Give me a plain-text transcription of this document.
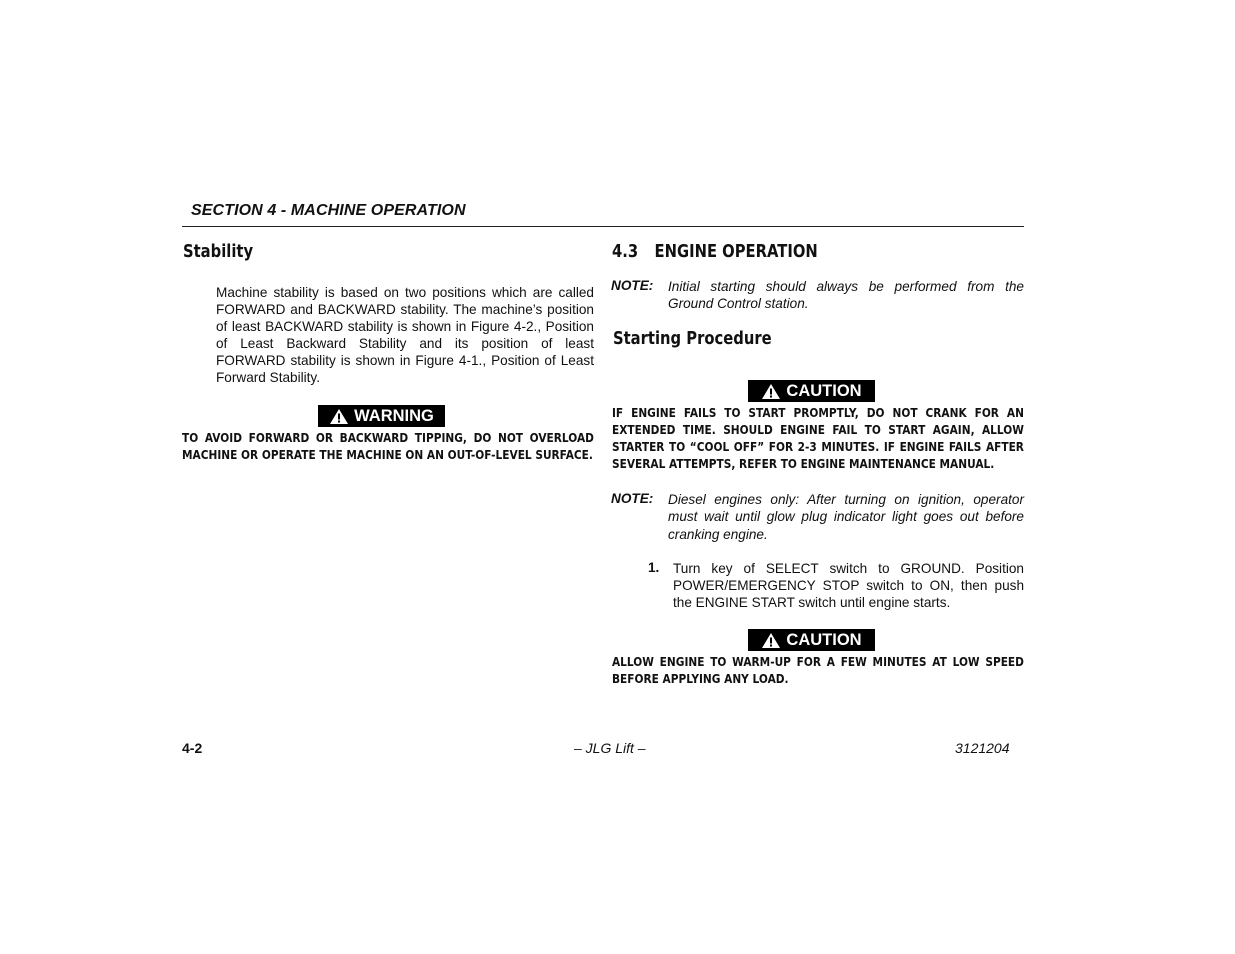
SECTION 4 - MACHINE OPERATION
Stability
Machine stability is based on two positions which are called FORWARD and BACKWARD stability. The machine’s position of least BACKWARD stability is shown in Figure 4-2., Position of Least Backward Stability and its position of least FORWARD stability is shown in Figure 4-1., Position of Least Forward Stability.
WARNING
TO AVOID FORWARD OR BACKWARD TIPPING, DO NOT OVERLOAD MACHINE OR OPERATE THE MACHINE ON AN OUT-OF-LEVEL SURFACE.
4.3 ENGINE OPERATION
NOTE: Initial starting should always be performed from the Ground Control station.
Starting Procedure
CAUTION
IF ENGINE FAILS TO START PROMPTLY, DO NOT CRANK FOR AN EXTENDED TIME. SHOULD ENGINE FAIL TO START AGAIN, ALLOW STARTER TO “COOL OFF” FOR 2-3 MINUTES. IF ENGINE FAILS AFTER SEVERAL ATTEMPTS, REFER TO ENGINE MAINTENANCE MANUAL.
NOTE: Diesel engines only: After turning on ignition, operator must wait until glow plug indicator light goes out before cranking engine.
1. Turn key of SELECT switch to GROUND. Position POWER/EMERGENCY STOP switch to ON, then push the ENGINE START switch until engine starts.
CAUTION
ALLOW ENGINE TO WARM-UP FOR A FEW MINUTES AT LOW SPEED BEFORE APPLYING ANY LOAD.
4-2	– JLG Lift –	3121204
